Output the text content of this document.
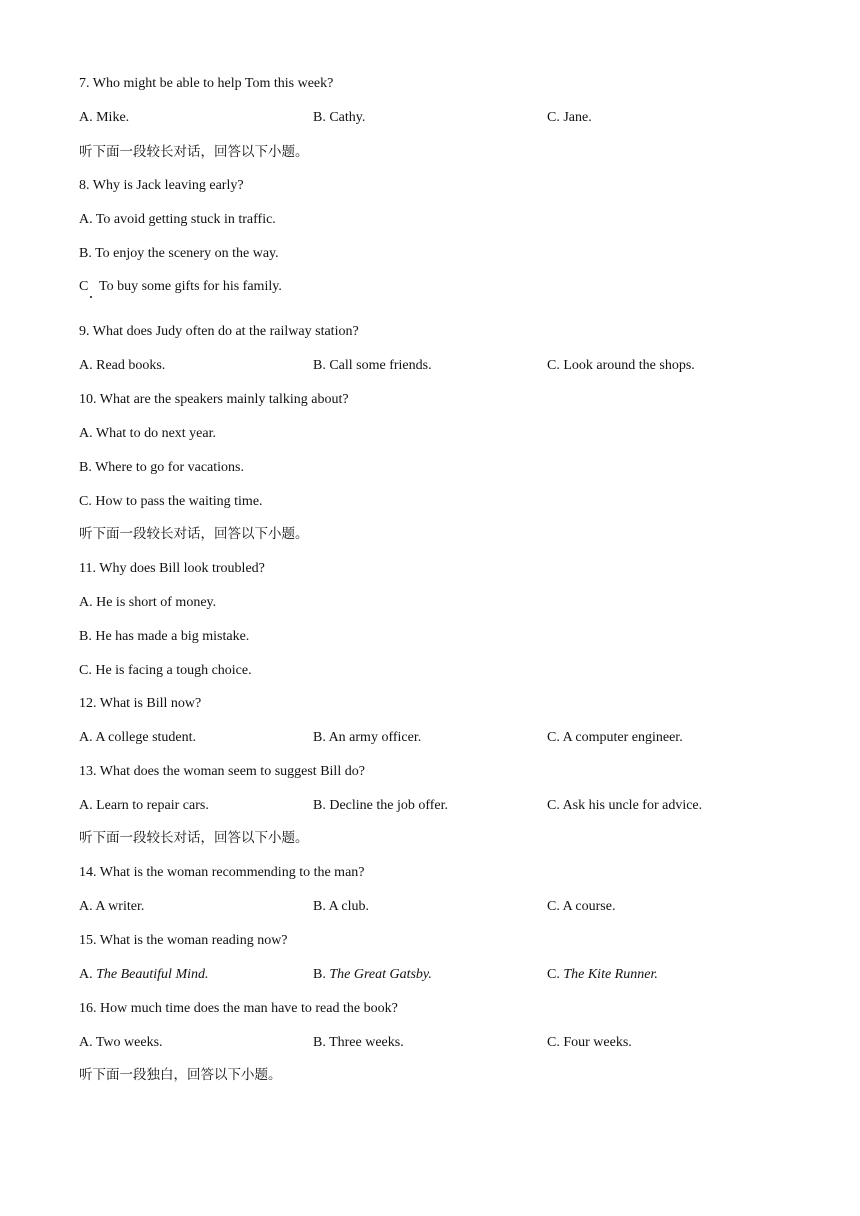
7. Who might be able to help Tom this week?
A. Mike.	B. Cathy.	C. Jane.
听下面一段较长对话，回答以下小题。
8. Why is Jack leaving early?
A. To avoid getting stuck in traffic.
B. To enjoy the scenery on the way.
C To buy some gifts for his family.
9. What does Judy often do at the railway station?
A. Read books.	B. Call some friends.	C. Look around the shops.
10. What are the speakers mainly talking about?
A. What to do next year.
B. Where to go for vacations.
C. How to pass the waiting time.
听下面一段较长对话，回答以下小题。
11. Why does Bill look troubled?
A. He is short of money.
B. He has made a big mistake.
C. He is facing a tough choice.
12. What is Bill now?
A. A college student.	B. An army officer.	C. A computer engineer.
13. What does the woman seem to suggest Bill do?
A. Learn to repair cars.	B. Decline the job offer.	C. Ask his uncle for advice.
听下面一段较长对话，回答以下小题。
14. What is the woman recommending to the man?
A. A writer.	B. A club.	C. A course.
15. What is the woman reading now?
A. The Beautiful Mind.	B. The Great Gatsby.	C. The Kite Runner.
16. How much time does the man have to read the book?
A. Two weeks.	B. Three weeks.	C. Four weeks.
听下面一段独白，回答以下小题。
